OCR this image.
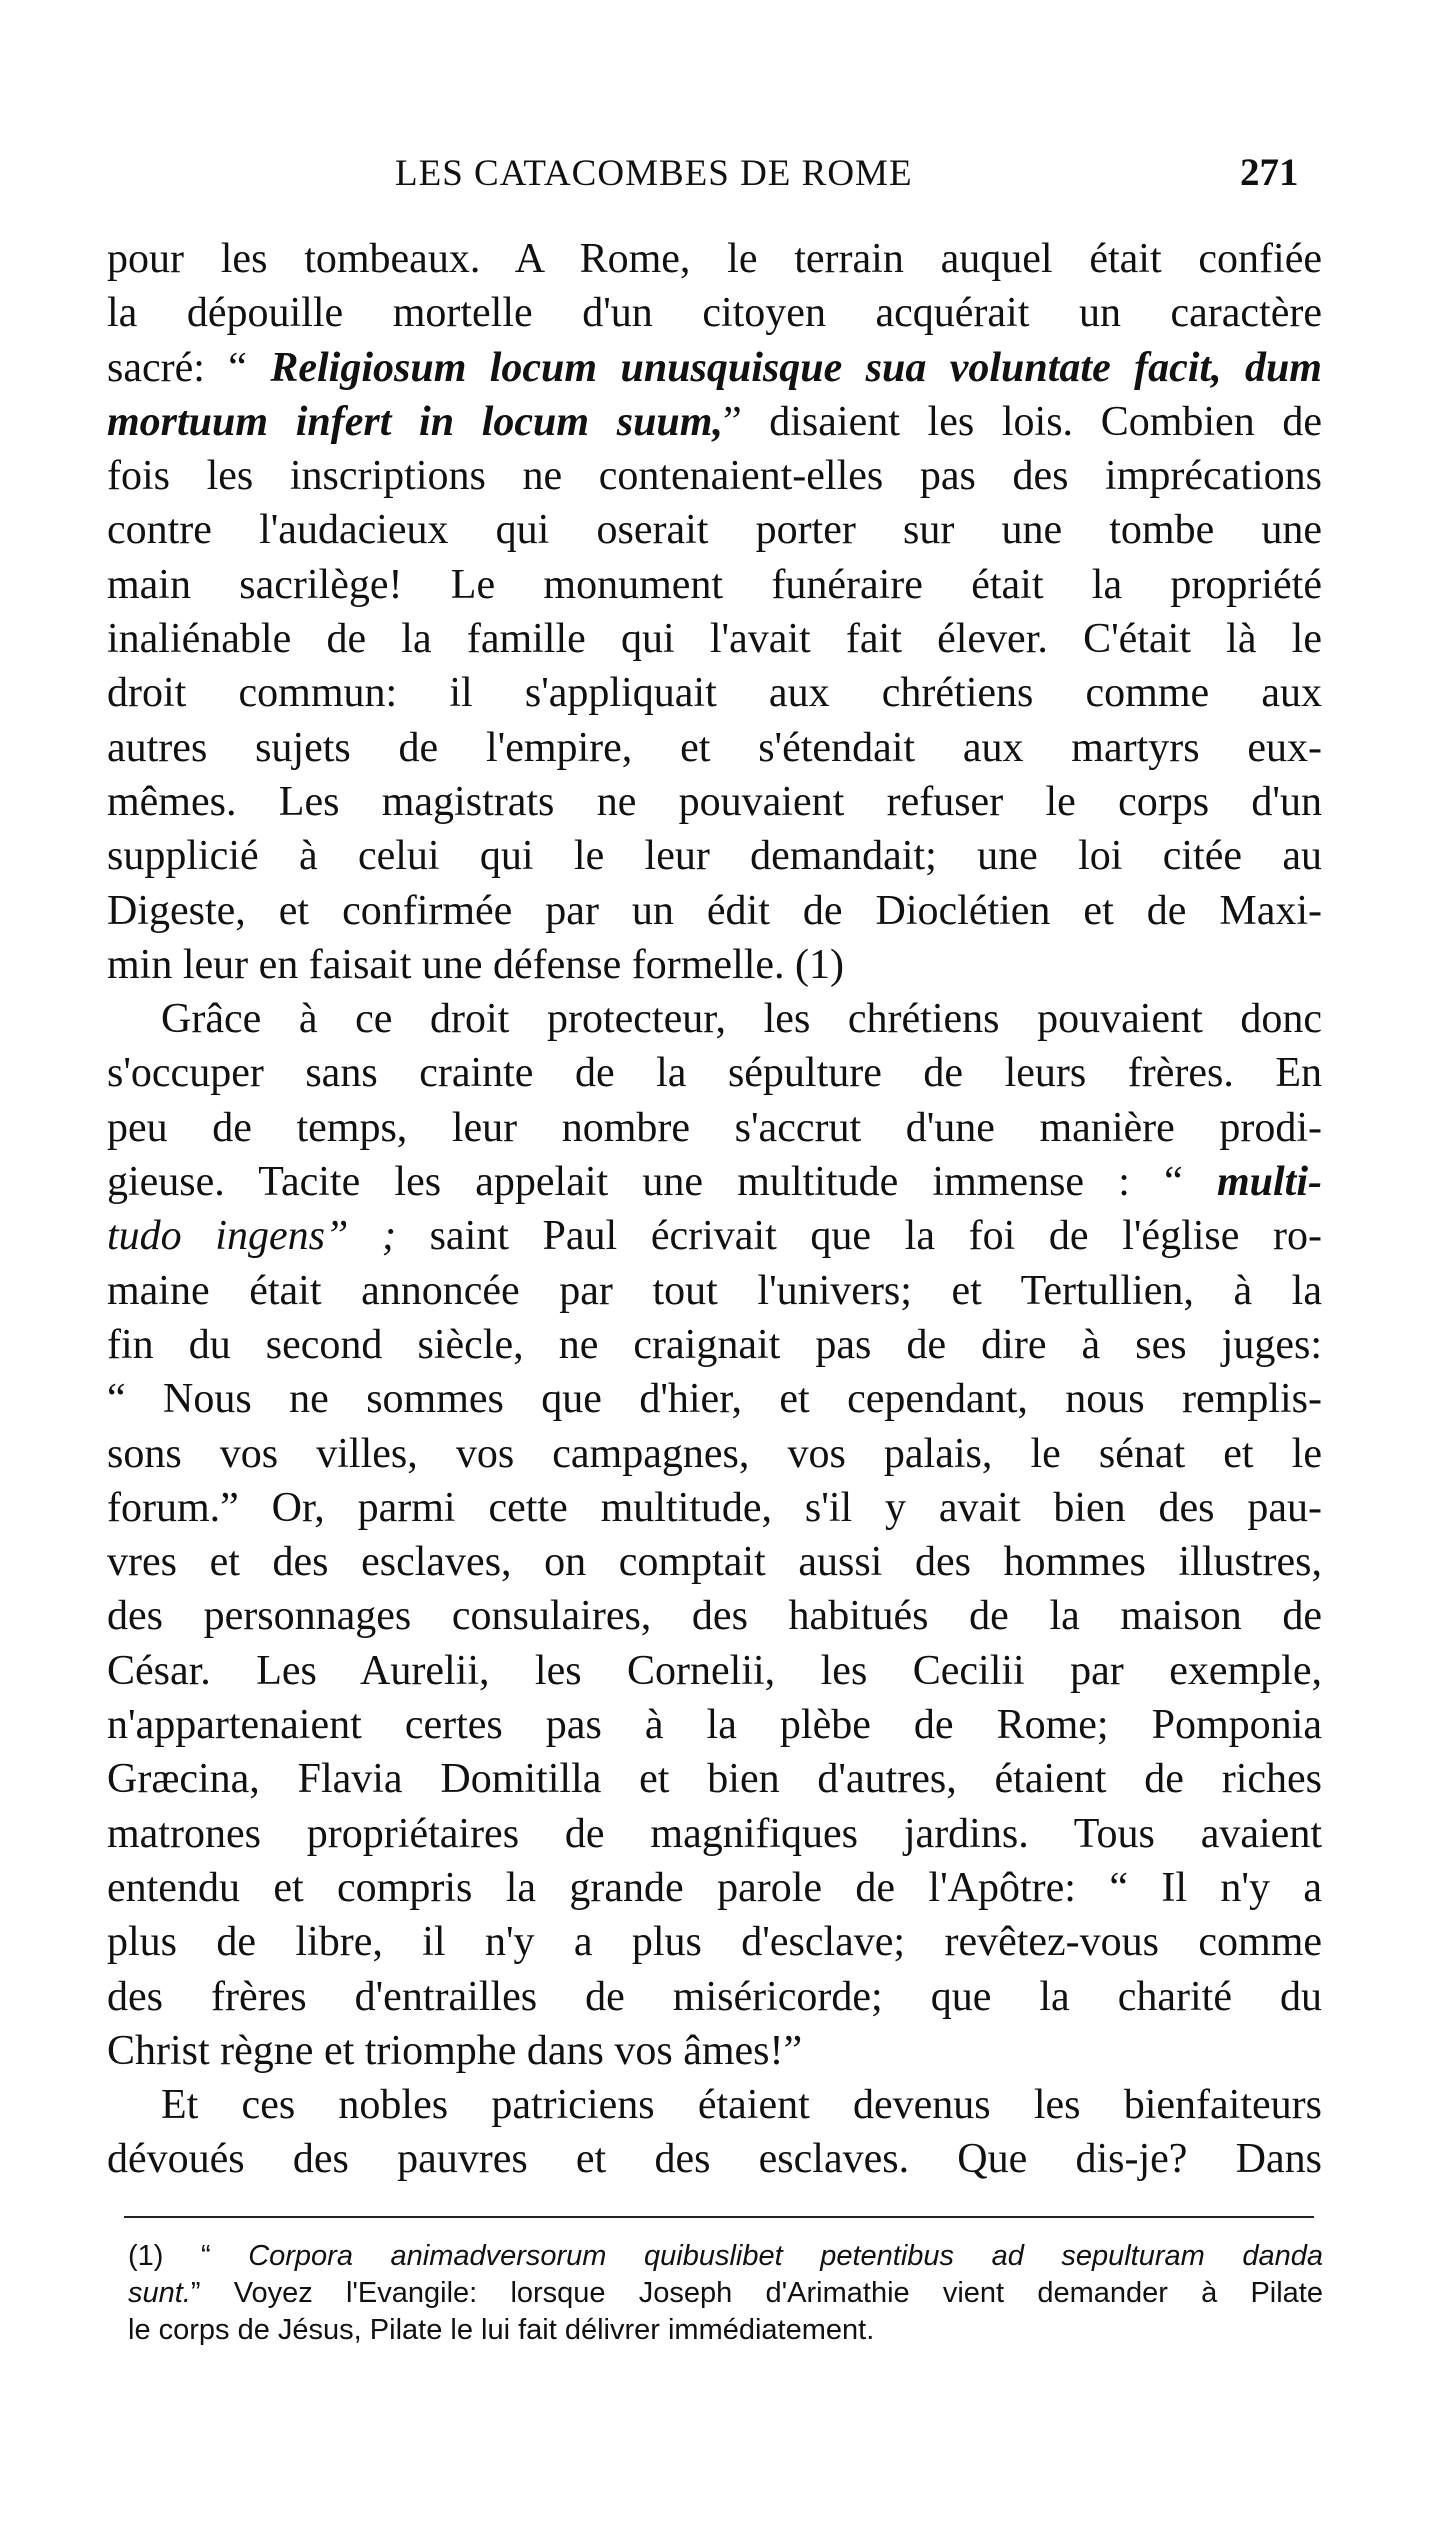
LES CATACOMBES DE ROME	271
pour les tombeaux. A Rome, le terrain auquel était confiée
la dépouille mortelle d'un citoyen acquérait un caractère
sacré: “ Religiosum locum unusquisque sua voluntate facit, dum
mortuum infert in locum suum,” disaient les lois. Combien de
fois les inscriptions ne contenaient-elles pas des imprécations
contre l'audacieux qui oserait porter sur une tombe une
main sacrilège! Le monument funéraire était la propriété
inaliénable de la famille qui l'avait fait élever. C'était là le
droit commun: il s'appliquait aux chrétiens comme aux
autres sujets de l'empire, et s'étendait aux martyrs eux-
mêmes. Les magistrats ne pouvaient refuser le corps d'un
supplicié à celui qui le leur demandait; une loi citée au
Digeste, et confirmée par un édit de Dioclétien et de Maxi-
min leur en faisait une défense formelle. (1)
Grâce à ce droit protecteur, les chrétiens pouvaient donc
s'occuper sans crainte de la sépulture de leurs frères. En
peu de temps, leur nombre s'accrut d'une manière prodi-
gieuse. Tacite les appelait une multitude immense : “ multi-
tudo ingens” ; saint Paul écrivait que la foi de l'église ro-
maine était annoncée par tout l'univers; et Tertullien, à la
fin du second siècle, ne craignait pas de dire à ses juges:
“ Nous ne sommes que d'hier, et cependant, nous remplis-
sons vos villes, vos campagnes, vos palais, le sénat et le
forum.” Or, parmi cette multitude, s'il y avait bien des pau-
vres et des esclaves, on comptait aussi des hommes illustres,
des personnages consulaires, des habitués de la maison de
César. Les Aurelii, les Cornelii, les Cecilii par exemple,
n'appartenaient certes pas à la plèbe de Rome; Pomponia
Græcina, Flavia Domitilla et bien d'autres, étaient de riches
matrones propriétaires de magnifiques jardins. Tous avaient
entendu et compris la grande parole de l'Apôtre: “ Il n'y a
plus de libre, il n'y a plus d'esclave; revêtez-vous comme
des frères d'entrailles de miséricorde; que la charité du
Christ règne et triomphe dans vos âmes!”
Et ces nobles patriciens étaient devenus les bienfaiteurs
dévoués des pauvres et des esclaves. Que dis-je? Dans
(1) “ Corpora animadversorum quibuslibet petentibus ad sepulturam danda
sunt.” Voyez l'Evangile: lorsque Joseph d'Arimathie vient demander à Pilate
le corps de Jésus, Pilate le lui fait délivrer immédiatement.
